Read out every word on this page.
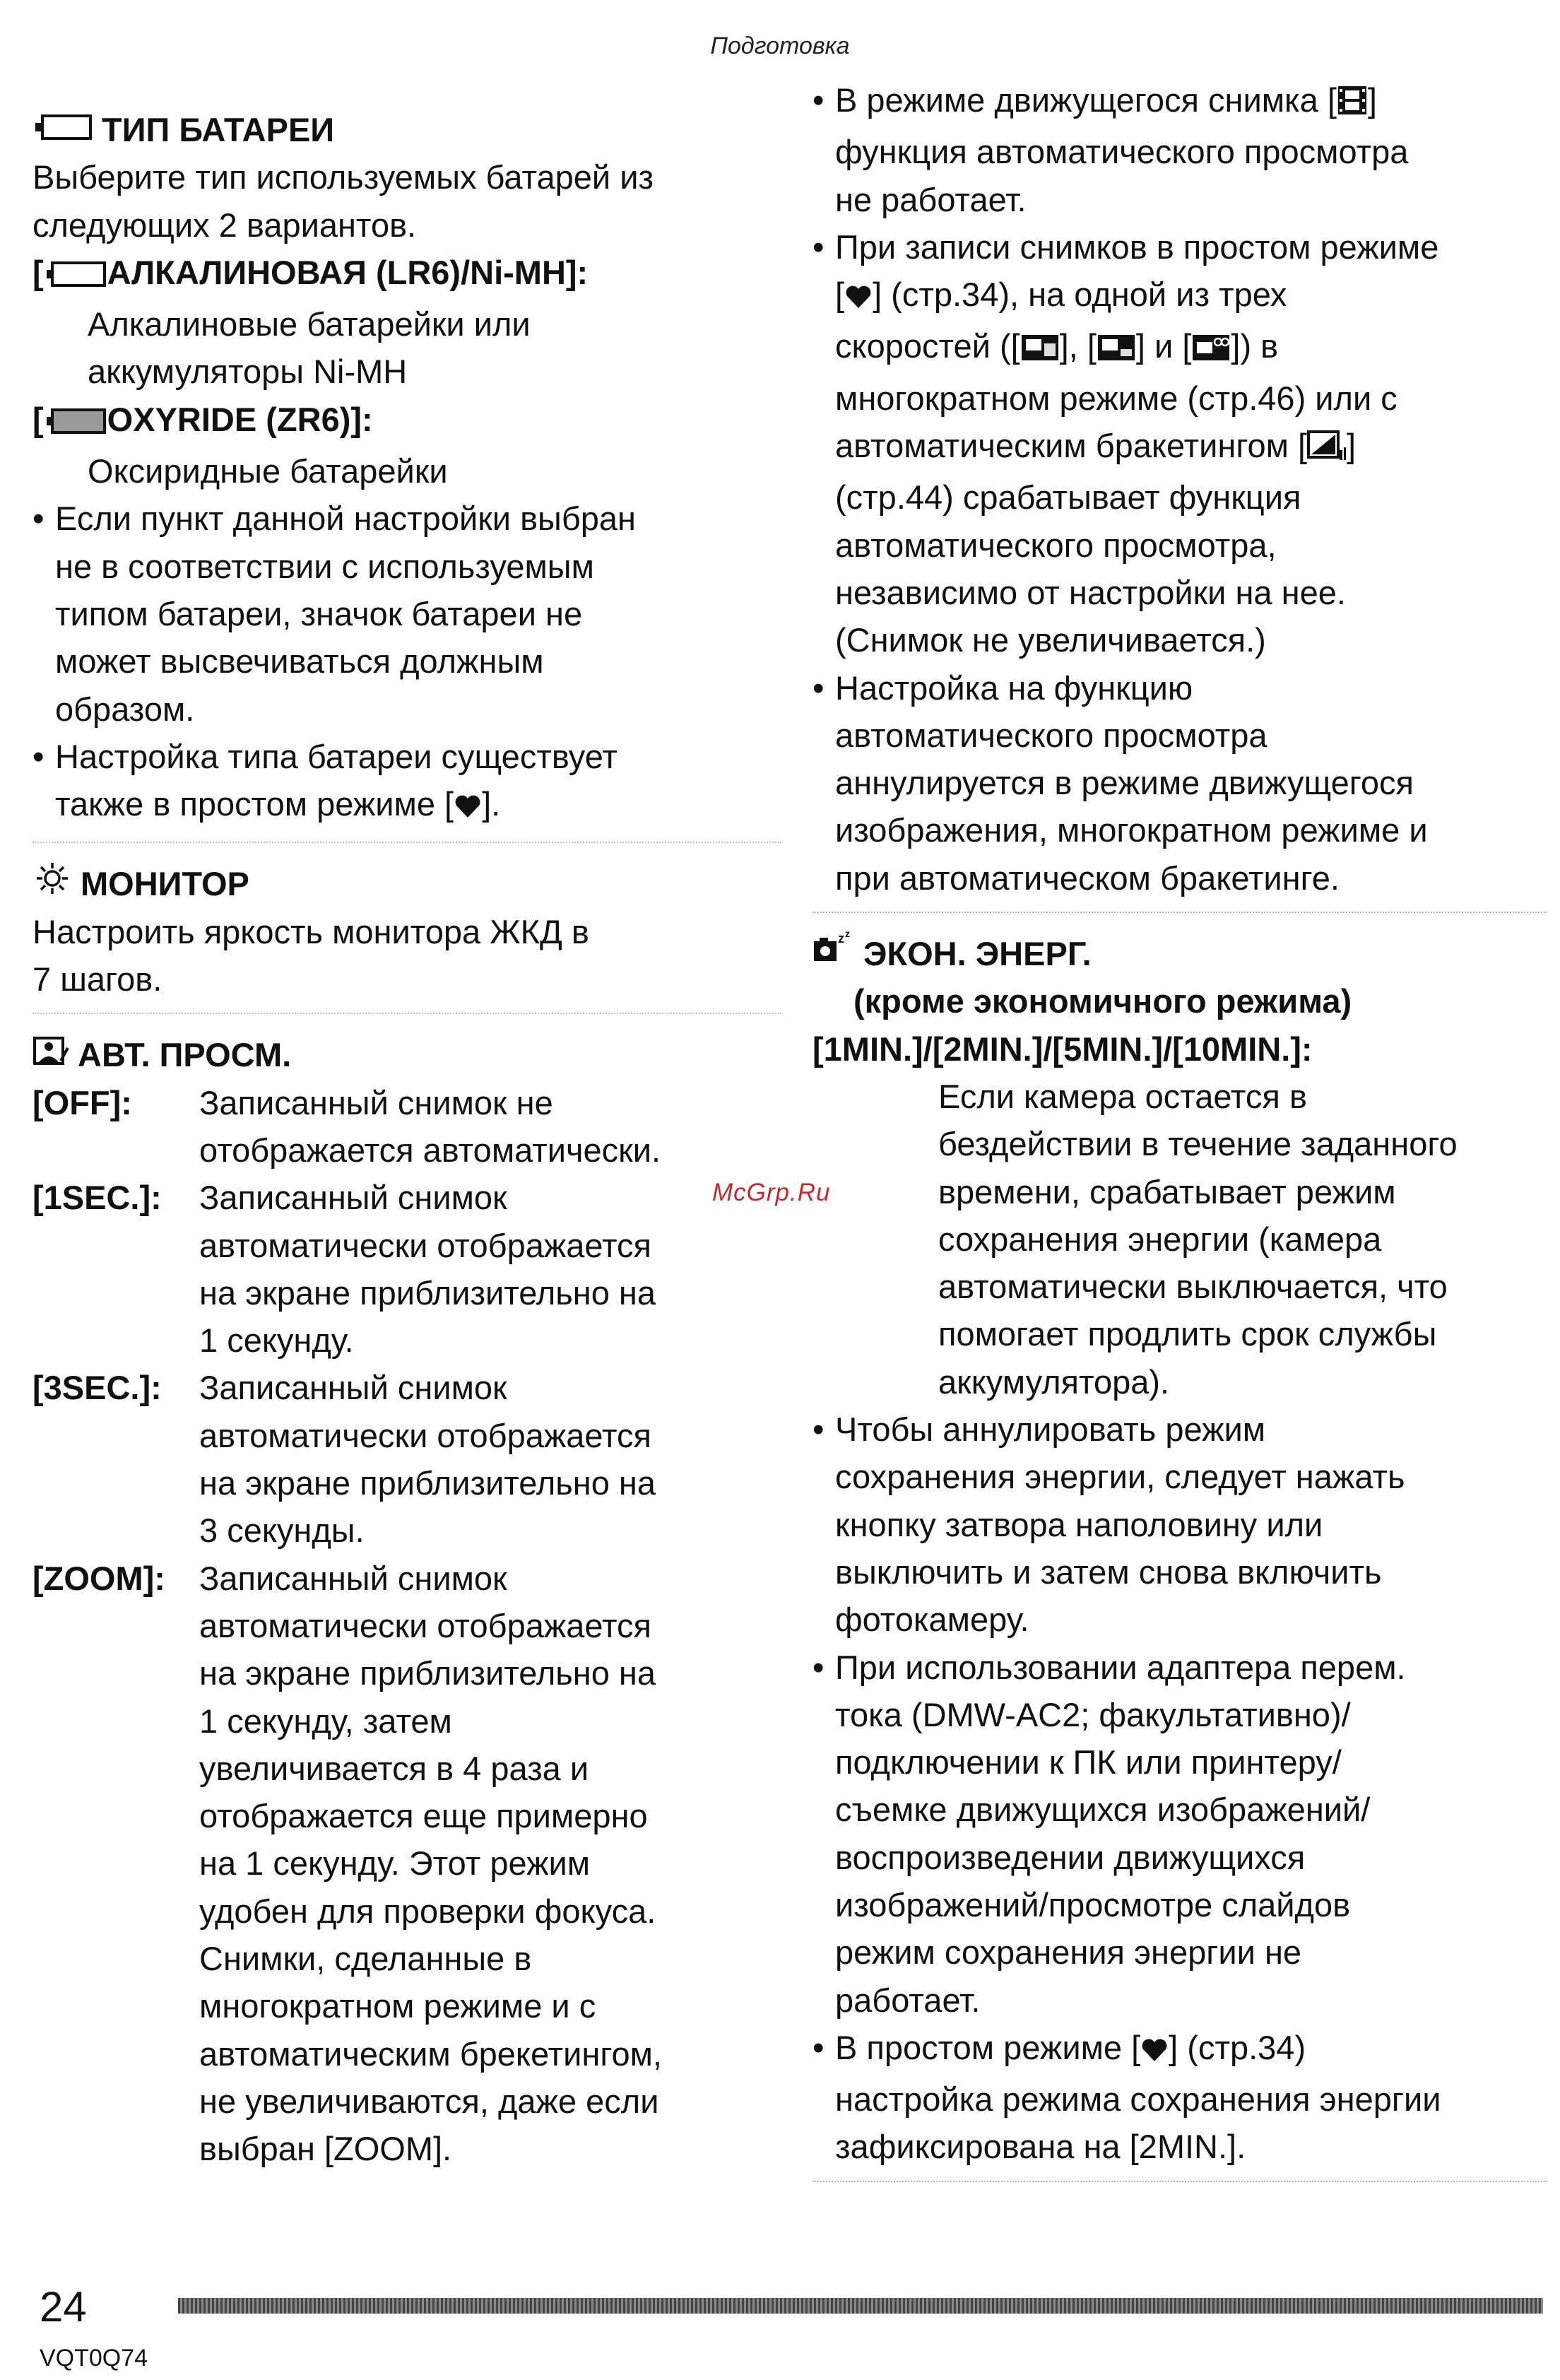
Подготовка
ТИП БАТАРЕИ
Выберите тип используемых батарей из
следующих 2 вариантов.
[ АЛКАЛИНОВАЯ (LR6)/Ni-MH]:
Алкалиновые батарейки или
аккумуляторы Ni-MH
[ OXYRIDE (ZR6)]:
Оксиридные батарейки
• Если пункт данной настройки выбран
не в соответствии с используемым
типом батареи, значок батареи не
может высвечиваться должным
образом.
• Настройка типа батареи существует
также в простом режиме [ ].
МОНИТОР
Настроить яркость монитора ЖКД в
7 шагов.
АВТ. ПРОСМ.
[OFF]:	Записанный снимок не
отображается автоматически.
[1SEC.]:	Записанный снимок
автоматически отображается
на экране приблизительно на
1 секунду.
[3SEC.]:	Записанный снимок
автоматически отображается
на экране приблизительно на
3 секунды.
[ZOOM]:	Записанный снимок
автоматически отображается
на экране приблизительно на
1 секунду, затем
увеличивается в 4 раза и
отображается еще примерно
на 1 секунду. Этот режим
удобен для проверки фокуса.
Снимки, сделанные в
многократном режиме и с
автоматическим брекетингом,
не увеличиваются, даже если
выбран [ZOOM].
• В режиме движущегося снимка [ ]
функция автоматического просмотра
не работает.
• При записи снимков в простом режиме
[ ] (стр.34), на одной из трех
скоростей ([ ], [ ] и [ ]) в
многократном режиме (стр.46) или с
автоматическим бракетингом [ ]
(стр.44) срабатывает функция
автоматического просмотра,
независимо от настройки на нее.
(Снимок не увеличивается.)
• Настройка на функцию
автоматического просмотра
аннулируется в режиме движущегося
изображения, многократном режиме и
при автоматическом бракетинге.
z z
ЭКОН. ЭНЕРГ.
(кроме экономичного режима)
[1MIN.]/[2MIN.]/[5MIN.]/[10MIN.]:
Если камера остается в
бездействии в течение заданного
времени, срабатывает режим
сохранения энергии (камера
автоматически выключается, что
помогает продлить срок службы
аккумулятора).
• Чтобы аннулировать режим
сохранения энергии, следует нажать
кнопку затвора наполовину или
выключить и затем снова включить
фотокамеру.
• При использовании адаптера перем.
тока (DMW-AC2; факультативно)/
подключении к ПК или принтеру/
съемке движущихся изображений/
воспроизведении движущихся
изображений/просмотре слайдов
режим сохранения энергии не
работает.
• В простом режиме [ ] (стр.34)
настройка режима сохранения энергии
зафиксирована на [2MIN.].
McGrp.Ru
24
VQT0Q74
